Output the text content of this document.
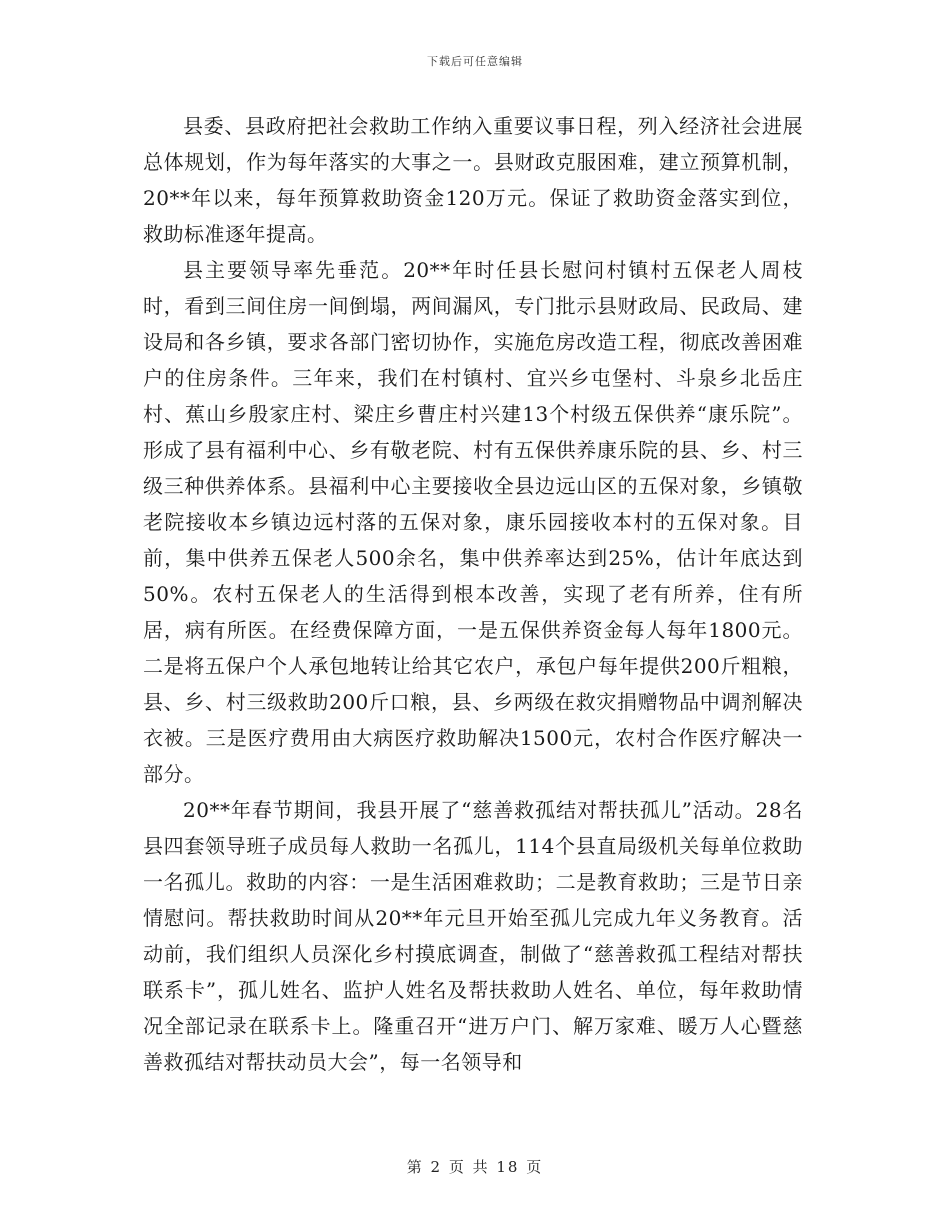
下载后可任意编辑

县委、县政府把社会救助工作纳入重要议事日程，列入经济社会进展总体规划，作为每年落实的大事之一。县财政克服困难，建立预算机制，20**年以来，每年预算救助资金120万元。保证了救助资金落实到位，救助标准逐年提高。

县主要领导率先垂范。20**年时任县长慰问村镇村五保老人周枝时，看到三间住房一间倒塌，两间漏风，专门批示县财政局、民政局、建设局和各乡镇，要求各部门密切协作，实施危房改造工程，彻底改善困难户的住房条件。三年来，我们在村镇村、宜兴乡屯堡村、斗泉乡北岳庄村、蕉山乡殷家庄村、梁庄乡曹庄村兴建13个村级五保供养“康乐院”。形成了县有福利中心、乡有敬老院、村有五保供养康乐院的县、乡、村三级三种供养体系。县福利中心主要接收全县边远山区的五保对象，乡镇敬老院接收本乡镇边远村落的五保对象，康乐园接收本村的五保对象。目前，集中供养五保老人500余名，集中供养率达到25%，估计年底达到50%。农村五保老人的生活得到根本改善，实现了老有所养，住有所居，病有所医。在经费保障方面，一是五保供养资金每人每年1800元。二是将五保户个人承包地转让给其它农户，承包户每年提供200斤粗粮，县、乡、村三级救助200斤口粮，县、乡两级在救灾捐赠物品中调剂解决衣被。三是医疗费用由大病医疗救助解决1500元，农村合作医疗解决一部分。

20**年春节期间，我县开展了“慈善救孤结对帮扶孤儿”活动。28名县四套领导班子成员每人救助一名孤儿，114个县直局级机关每单位救助一名孤儿。救助的内容：一是生活困难救助；二是教育救助；三是节日亲情慰问。帮扶救助时间从20**年元旦开始至孤儿完成九年义务教育。活动前，我们组织人员深化乡村摸底调查，制做了“慈善救孤工程结对帮扶联系卡”，孤儿姓名、监护人姓名及帮扶救助人姓名、单位，每年救助情况全部记录在联系卡上。隆重召开“进万户门、解万家难、暖万人心暨慈善救孤结对帮扶动员大会”，每一名领导和

第 2 页 共 18 页
